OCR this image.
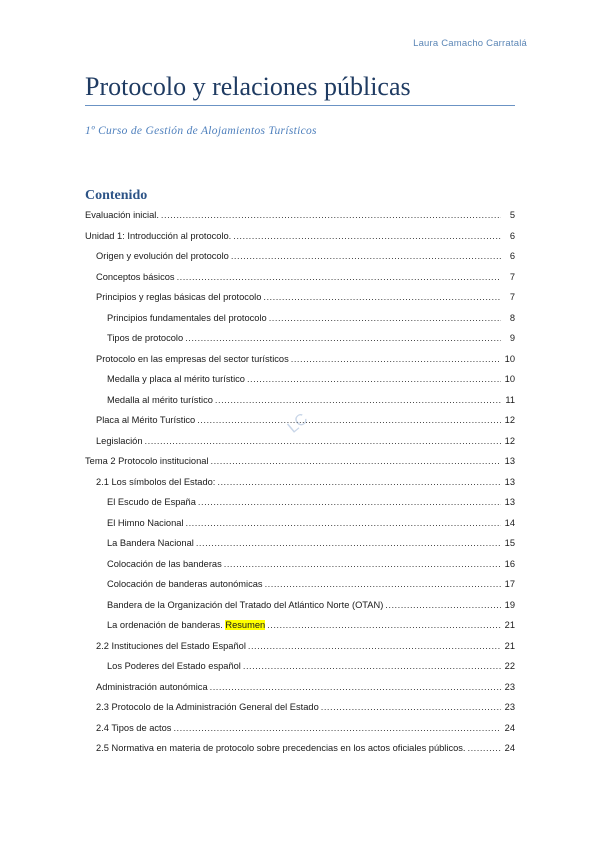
Laura Camacho Carratalá
Protocolo y relaciones públicas
1º Curso de Gestión de Alojamientos Turísticos
LC
Contenido
Evaluación inicial. .....	5
Unidad 1: Introducción al protocolo. .....	6
Origen y evolución del protocolo .....	6
Conceptos básicos .....	7
Principios y reglas básicas del protocolo .....	7
Principios fundamentales del protocolo .....	8
Tipos de protocolo .....	9
Protocolo en las empresas del sector turísticos .....	10
Medalla y placa al mérito turístico .....	10
Medalla al mérito turístico .....	11
Placa al Mérito Turístico .....	12
Legislación .....	12
Tema 2 Protocolo institucional .....	13
2.1 Los símbolos del Estado: .....	13
El Escudo de España .....	13
El Himno Nacional .....	14
La Bandera Nacional .....	15
Colocación de las banderas .....	16
Colocación de banderas autonómicas .....	17
Bandera de la Organización del Tratado del Atlántico Norte (OTAN) .....	19
La ordenación de banderas. Resumen .....	21
2.2 Instituciones del Estado Español .....	21
Los Poderes del Estado español .....	22
Administración autonómica .....	23
2.3 Protocolo de la Administración General del Estado .....	23
2.4 Tipos de actos .....	24
2.5 Normativa en materia de protocolo sobre precedencias en los actos oficiales públicos. .....	24
